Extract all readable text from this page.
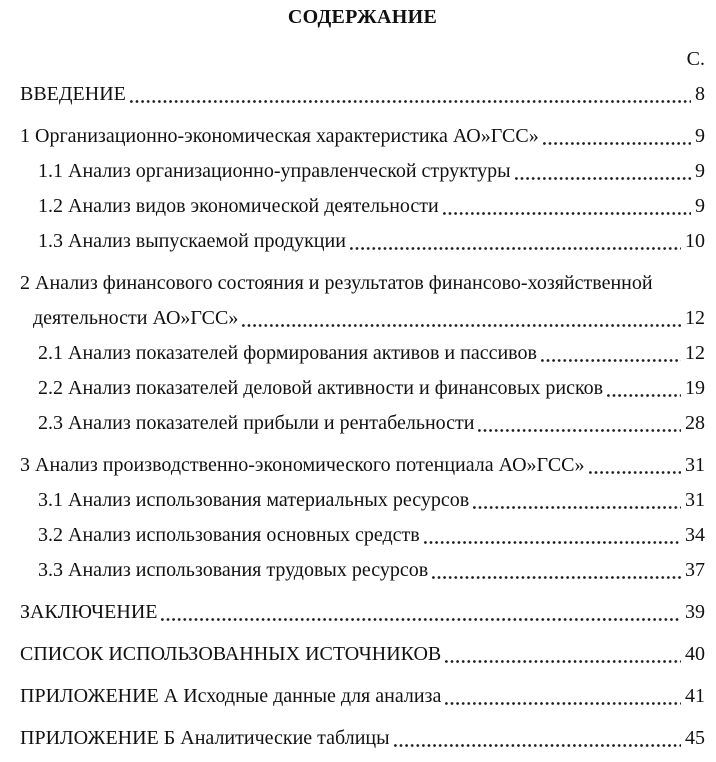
СОДЕРЖАНИЕ
С.
ВВЕДЕНИЕ	8
1 Организационно-экономическая характеристика АО»ГСС»	9
1.1 Анализ организационно-управленческой структуры	9
1.2 Анализ видов экономической деятельности	9
1.3 Анализ выпускаемой продукции	10
2 Анализ финансового состояния и результатов финансово-хозяйственной
деятельности АО»ГСС»	12
2.1 Анализ показателей формирования активов и пассивов	12
2.2 Анализ показателей деловой активности и финансовых рисков	19
2.3 Анализ показателей прибыли и рентабельности	28
3 Анализ производственно-экономического потенциала АО»ГСС»	31
3.1 Анализ использования материальных ресурсов	31
3.2 Анализ использования основных средств	34
3.3 Анализ использования трудовых ресурсов	37
ЗАКЛЮЧЕНИЕ	39
СПИСОК ИСПОЛЬЗОВАННЫХ ИСТОЧНИКОВ	40
ПРИЛОЖЕНИЕ А Исходные данные для анализа	41
ПРИЛОЖЕНИЕ Б Аналитические таблицы	45
